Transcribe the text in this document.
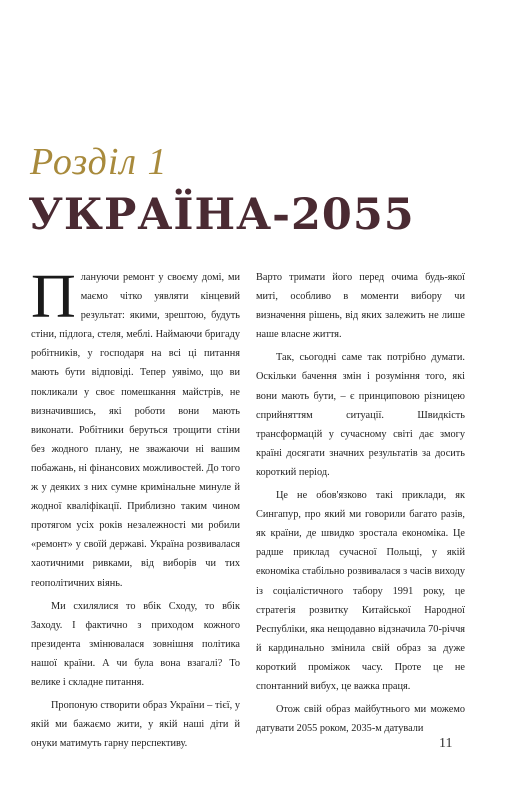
Розділ 1
УКРАЇНА-2055

Плануючи ремонт у своєму домі, ми маємо чітко уявляти кінцевий результат: якими, зрештою, будуть стіни, підлога, стеля, меблі. Наймаючи бригаду робітників, у господаря на всі ці питання мають бути відповіді. Тепер уявімо, що ви покликали у своє помешкання майстрів, не визначившись, які роботи вони мають виконати. Робітники беруться трощити стіни без жодного плану, не зважаючи ні вашим побажань, ні фінансових можливостей. До того ж у деяких з них сумне кримінальне минуле й жодної кваліфікації. Приблизно таким чином протягом усіх років незалежності ми робили «ремонт» у своїй державі. Україна розвивалася хаотичними ривками, від виборів чи тих геополітичних віянь.

Ми схилялися то вбік Сходу, то вбік Заходу. І фактично з приходом кожного президента змінювалася зовнішня політика нашої країни. А чи була вона взагалі? То велике і складне питання.

Пропоную створити образ України – тієї, у якій ми бажаємо жити, у якій наші діти й онуки матимуть гарну перспективу.

Варто тримати його перед очима будь-якої миті, особливо в моменти вибору чи визначення рішень, від яких залежить не лише наше власне життя.

Так, сьогодні саме так потрібно думати. Оскільки бачення змін і розуміння того, які вони мають бути, – є принциповою різницею сприйняттям ситуації. Швидкість трансформацій у сучасному світі дає змогу країні досягати значних результатів за досить короткий період.

Це не обов'язково такі приклади, як Сингапур, про який ми говорили багато разів, як країни, де швидко зростала економіка. Це радше приклад сучасної Польщі, у якій економіка стабільно розвивалася з часів виходу із соціалістичного табору 1991 року, це стратегія розвитку Китайської Народної Республіки, яка нещодавно відзначила 70-річчя й кардинально змінила свій образ за дуже короткий проміжок часу. Проте це не спонтанний вибух, це важка праця.

Отож свій образ майбутнього ми можемо датувати 2055 роком, 2035-м датували

11
